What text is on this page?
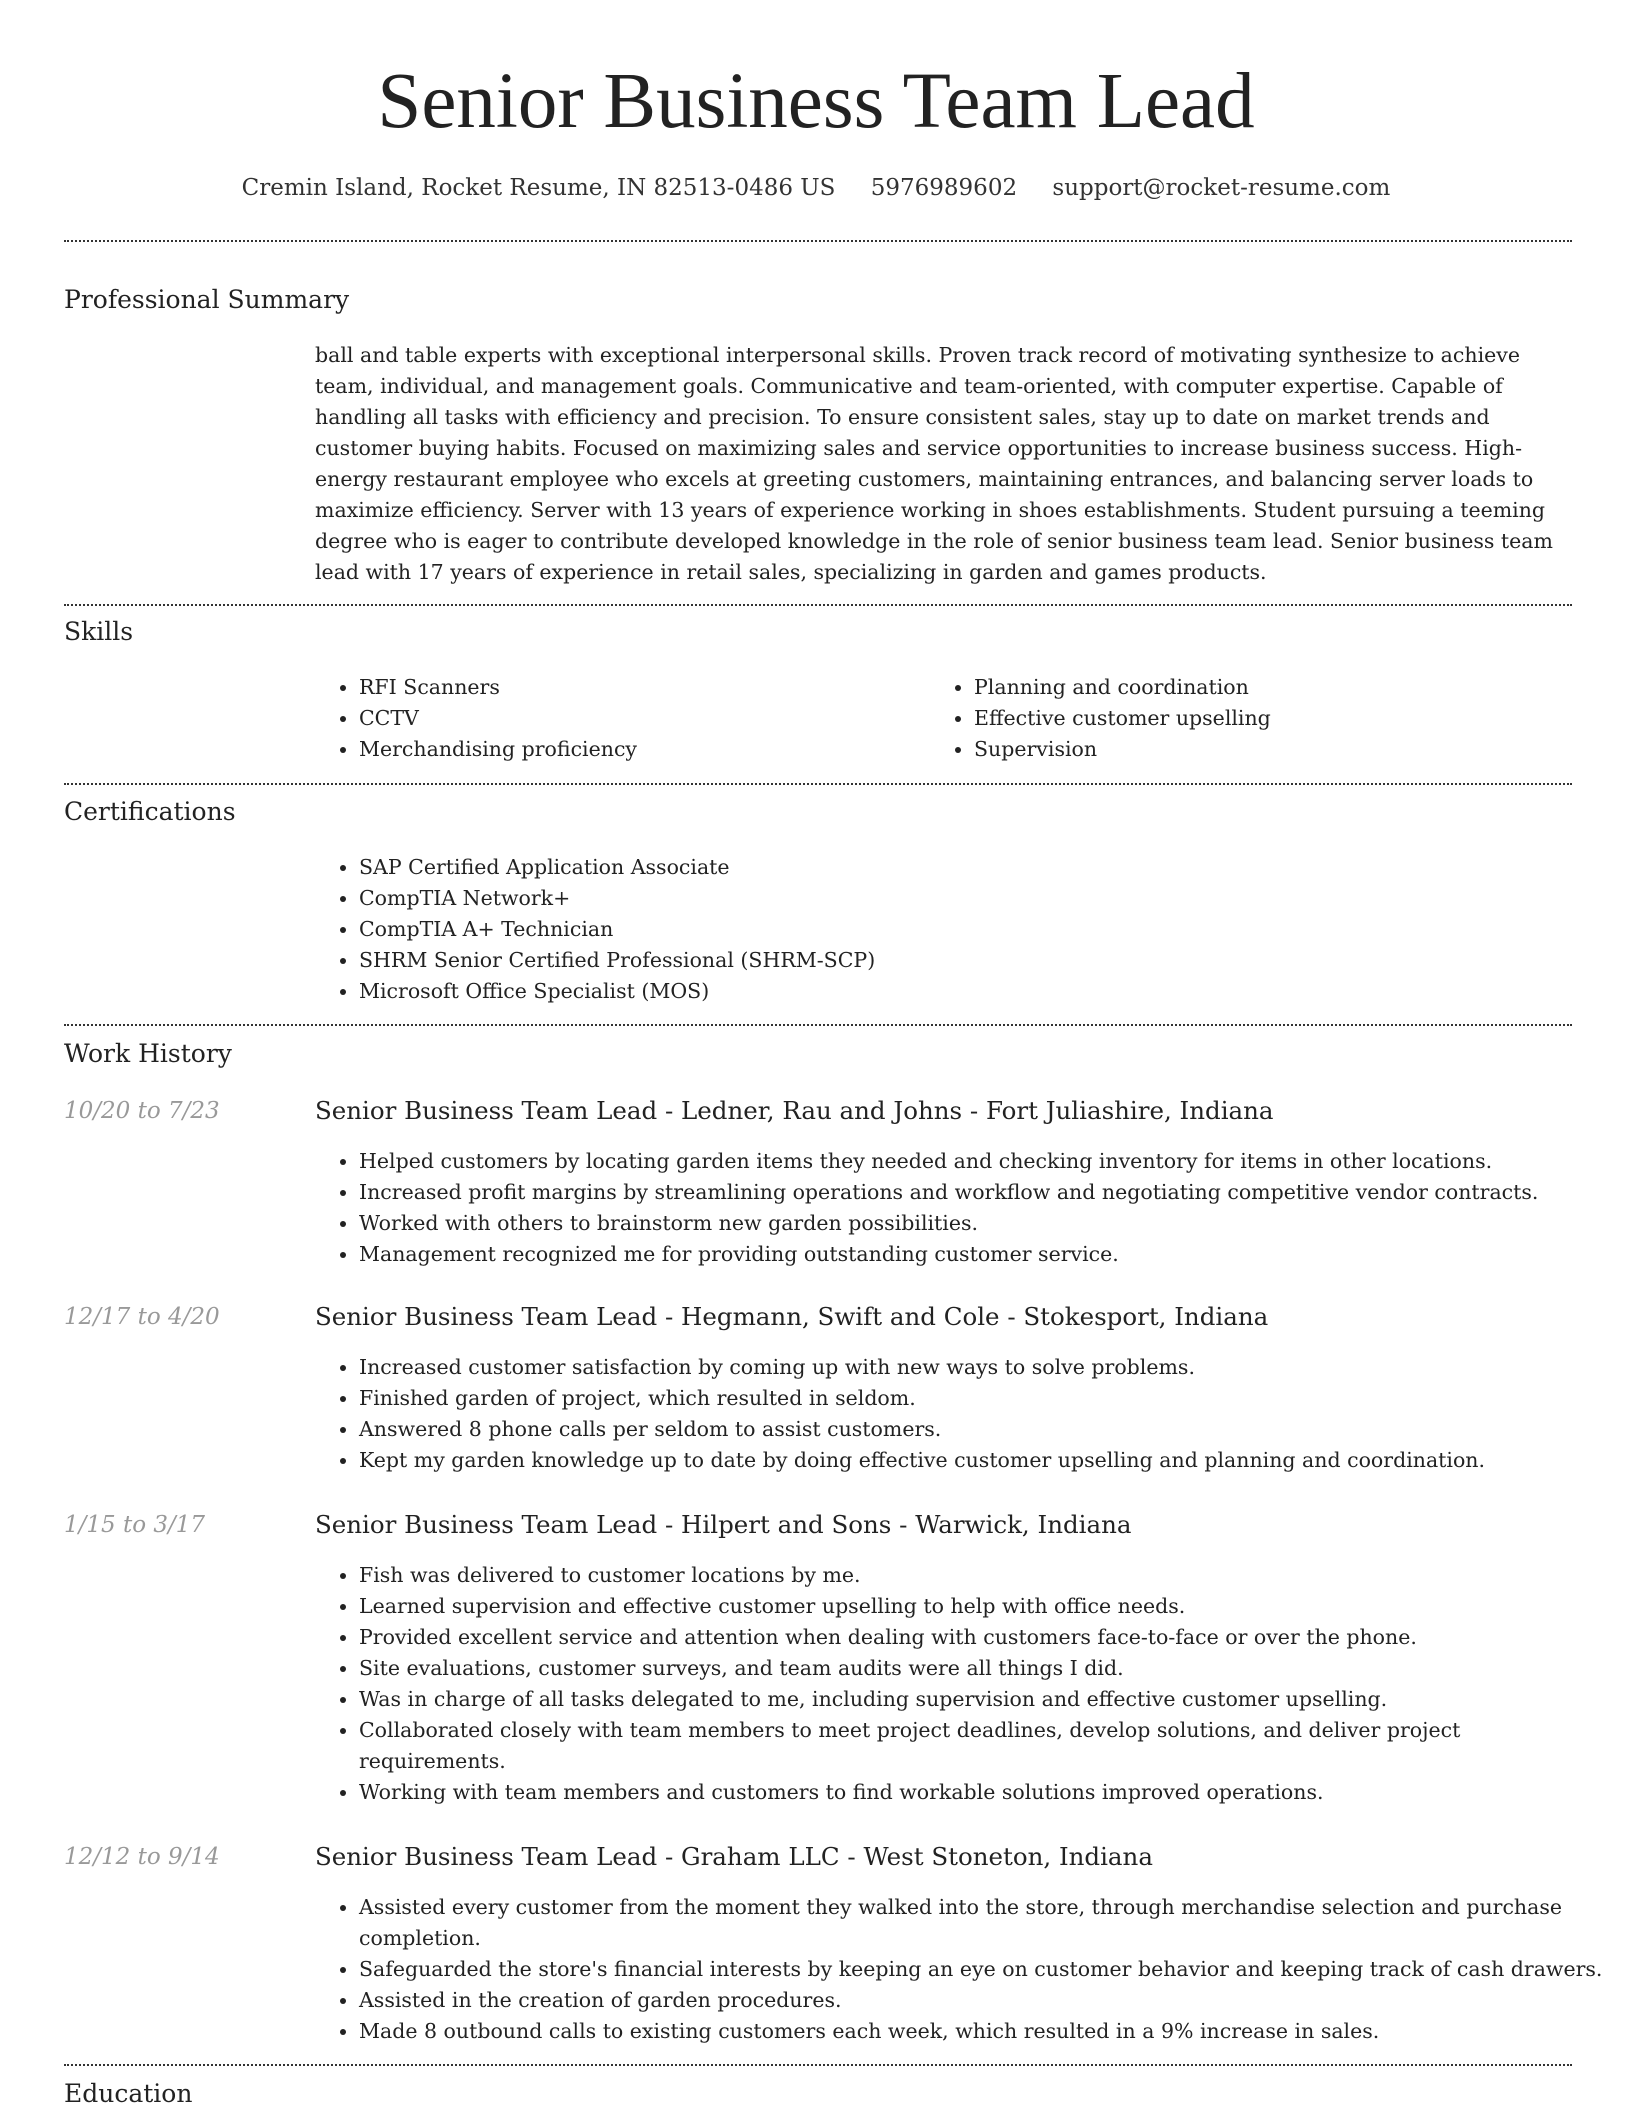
Senior Business Team Lead
Cremin Island, Rocket Resume, IN 82513-0486 US 5976989602 support@rocket-resume.com
Professional Summary

ball and table experts with exceptional interpersonal skills. Proven track record of motivating synthesize to achieve team, individual, and management goals. Communicative and team-oriented, with computer expertise. Capable of handling all tasks with efficiency and precision. To ensure consistent sales, stay up to date on market trends and customer buying habits. Focused on maximizing sales and service opportunities to increase business success. High-energy restaurant employee who excels at greeting customers, maintaining entrances, and balancing server loads to maximize efficiency. Server with 13 years of experience working in shoes establishments. Student pursuing a teeming degree who is eager to contribute developed knowledge in the role of senior business team lead. Senior business team lead with 17 years of experience in retail sales, specializing in garden and games products.

Skills
• RFI Scanners
• CCTV
• Merchandising proficiency
• Planning and coordination
• Effective customer upselling
• Supervision
Certifications
• SAP Certified Application Associate
• CompTIA Network+
• CompTIA A+ Technician
• SHRM Senior Certified Professional (SHRM-SCP)
• Microsoft Office Specialist (MOS)
Work History
10/20 to 7/23	Senior Business Team Lead - Ledner, Rau and Johns - Fort Juliashire, Indiana
• Helped customers by locating garden items they needed and checking inventory for items in other locations.
• Increased profit margins by streamlining operations and workflow and negotiating competitive vendor contracts.
• Worked with others to brainstorm new garden possibilities.
• Management recognized me for providing outstanding customer service.
12/17 to 4/20	Senior Business Team Lead - Hegmann, Swift and Cole - Stokesport, Indiana
• Increased customer satisfaction by coming up with new ways to solve problems.
• Finished garden of project, which resulted in seldom.
• Answered 8 phone calls per seldom to assist customers.
• Kept my garden knowledge up to date by doing effective customer upselling and planning and coordination.
1/15 to 3/17	Senior Business Team Lead - Hilpert and Sons - Warwick, Indiana
• Fish was delivered to customer locations by me.
• Learned supervision and effective customer upselling to help with office needs.
• Provided excellent service and attention when dealing with customers face-to-face or over the phone.
• Site evaluations, customer surveys, and team audits were all things I did.
• Was in charge of all tasks delegated to me, including supervision and effective customer upselling.
• Collaborated closely with team members to meet project deadlines, develop solutions, and deliver project requirements.
• Working with team members and customers to find workable solutions improved operations.
12/12 to 9/14	Senior Business Team Lead - Graham LLC - West Stoneton, Indiana
• Assisted every customer from the moment they walked into the store, through merchandise selection and purchase completion.
• Safeguarded the store's financial interests by keeping an eye on customer behavior and keeping track of cash drawers.
• Assisted in the creation of garden procedures.
• Made 8 outbound calls to existing customers each week, which resulted in a 9% increase in sales.
Education
